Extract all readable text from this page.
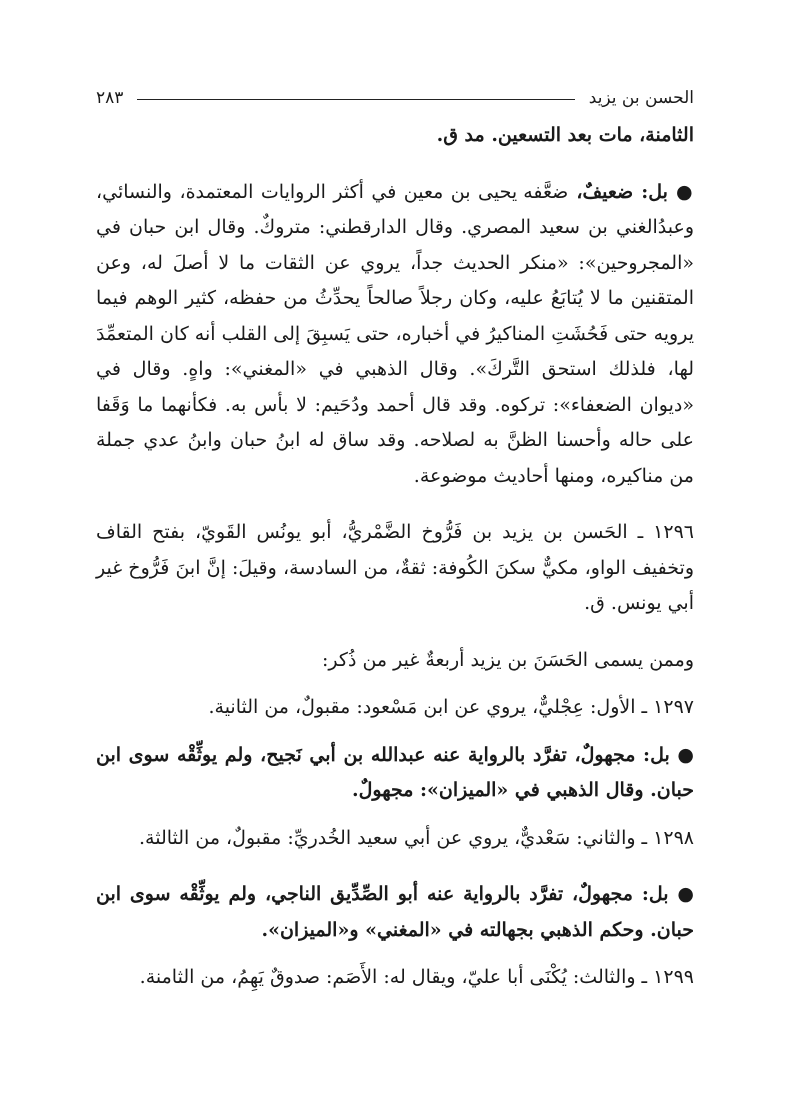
الحسن بن يزيد
٢٨٣

الثامنة، مات بعد التسعين. مد ق.

● بل: ضعيفٌ، ضعَّفه يحيى بن معين في أكثر الروايات المعتمدة، والنسائي، وعبدُالغني بن سعيد المصري. وقال الدارقطني: متروكٌ. وقال ابن حبان في «المجروحين»: «منكر الحديث جداً، يروي عن الثقات ما لا أصلَ له، وعن المتقنين ما لا يُتابَعُ عليه، وكان رجلاً صالحاً يحدِّثُ من حفظه، كثير الوهم فيما يرويه حتى فَحُشَتِ المناكيرُ في أخباره، حتى يَسبِقَ إلى القلب أنه كان المتعمِّدَ لها، فلذلك استحق التَّركَ». وقال الذهبي في «المغني»: واهٍ. وقال في «ديوان الضعفاء»: تركوه. وقد قال أحمد ودُحَيم: لا بأس به. فكأنهما ما وَقَفا على حاله وأحسنا الظنَّ به لصلاحه. وقد ساق له ابنُ حبان وابنُ عدي جملة من مناكيره، ومنها أحاديث موضوعة.

١٢٩٦ ـ الحَسن بن يزيد بن فَرُّوخ الضَّمْريُّ، أبو يونُس القَويّ، بفتح القاف وتخفيف الواو، مكيٌّ سكنَ الكُوفة: ثقةٌ، من السادسة، وقيلَ: إنَّ ابنَ فَرُّوخ غير أبي يونس. ق.

وممن يسمى الحَسَنَ بن يزيد أربعةٌ غير من ذُكر:

١٢٩٧ ـ الأول: عِجْليٌّ، يروي عن ابن مَسْعود: مقبولٌ، من الثانية.

● بل: مجهولٌ، تفرَّد بالرواية عنه عبدالله بن أبي نَجيح، ولم يوثِّقْه سوى ابن حبان. وقال الذهبي في «الميزان»: مجهولٌ.

١٢٩٨ ـ والثاني: سَعْديٌّ، يروي عن أبي سعيد الخُدريِّ: مقبولٌ، من الثالثة.

● بل: مجهولٌ، تفرَّد بالرواية عنه أبو الصِّدِّيق الناجي، ولم يوثِّقْه سوى ابن حبان. وحكم الذهبي بجهالته في «المغني» و«الميزان».

١٢٩٩ ـ والثالث: يُكْنَى أبا عليّ، ويقال له: الأَصَم: صدوقٌ يَهِمُ، من الثامنة.
